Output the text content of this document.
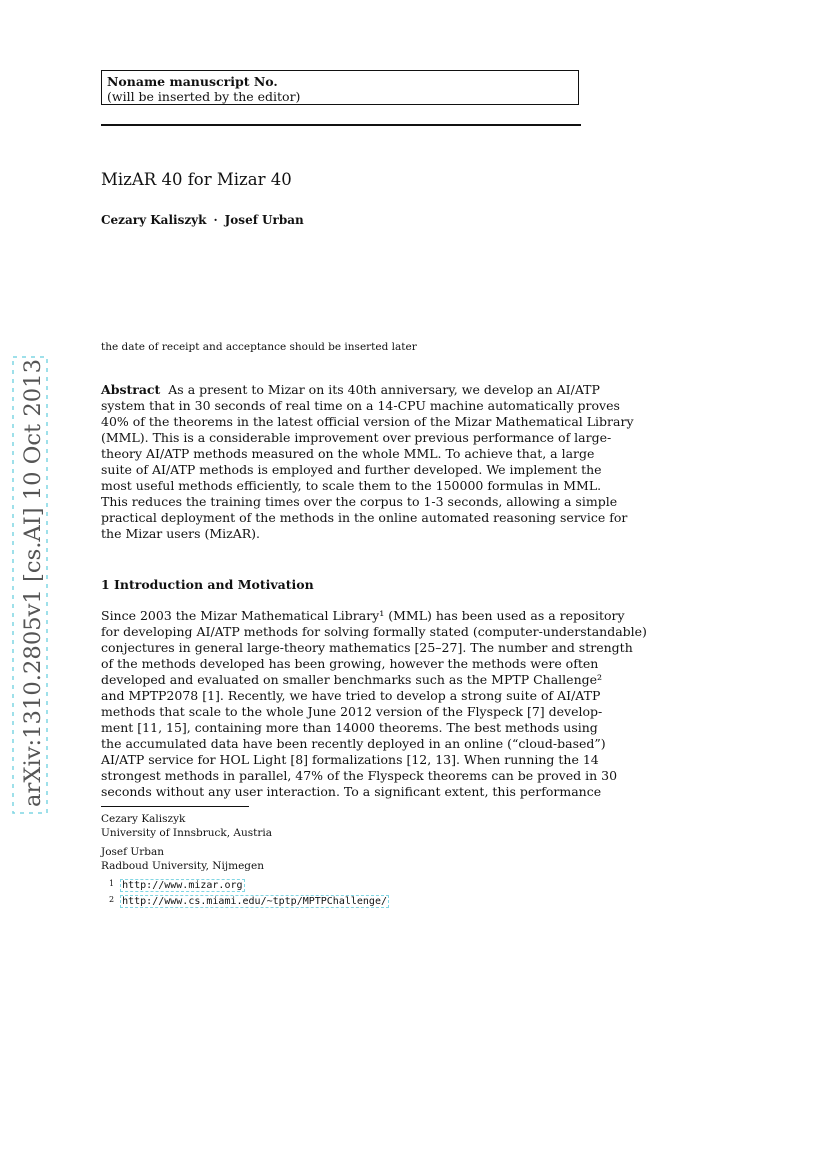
Noname manuscript No.
(will be inserted by the editor)
MizAR 40 for Mizar 40
Cezary Kaliszyk · Josef Urban
the date of receipt and acceptance should be inserted later
Abstract As a present to Mizar on its 40th anniversary, we develop an AI/ATP
system that in 30 seconds of real time on a 14-CPU machine automatically proves
40% of the theorems in the latest official version of the Mizar Mathematical Library
(MML). This is a considerable improvement over previous performance of large-
theory AI/ATP methods measured on the whole MML. To achieve that, a large
suite of AI/ATP methods is employed and further developed. We implement the
most useful methods efficiently, to scale them to the 150000 formulas in MML.
This reduces the training times over the corpus to 1-3 seconds, allowing a simple
practical deployment of the methods in the online automated reasoning service for
the Mizar users (MizAR).
1 Introduction and Motivation
Since 2003 the Mizar Mathematical Library¹ (MML) has been used as a repository
for developing AI/ATP methods for solving formally stated (computer-understandable)
conjectures in general large-theory mathematics [25–27]. The number and strength
of the methods developed has been growing, however the methods were often
developed and evaluated on smaller benchmarks such as the MPTP Challenge²
and MPTP2078 [1]. Recently, we have tried to develop a strong suite of AI/ATP
methods that scale to the whole June 2012 version of the Flyspeck [7] develop-
ment [11, 15], containing more than 14000 theorems. The best methods using
the accumulated data have been recently deployed in an online (“cloud-based”)
AI/ATP service for HOL Light [8] formalizations [12, 13]. When running the 14
strongest methods in parallel, 47% of the Flyspeck theorems can be proved in 30
seconds without any user interaction. To a significant extent, this performance
Cezary Kaliszyk
University of Innsbruck, Austria
Josef Urban
Radboud University, Nijmegen
$^1$ http://www.mizar.org
$^2$ http://www.cs.miami.edu/~tptp/MPTPChallenge/
arXiv:1310.2805v1 [cs.AI] 10 Oct 2013
